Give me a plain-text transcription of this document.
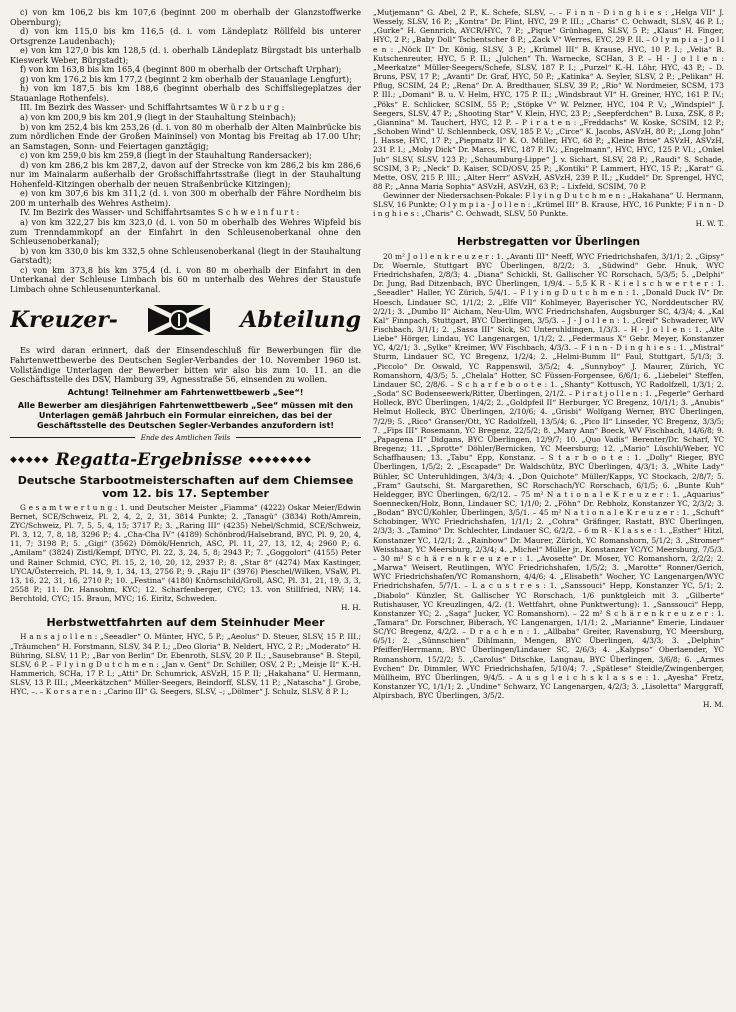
c) von km 106,2 bis km 107,6 (beginnt 200 m oberhalb der Glanzstoffwerke Obernburg);

d) von km 115,0 bis km 116,5 (d. i. vom Ländeplatz Röllfeld bis unterer Ortsgrenze Laudenbach);

e) von km 127,0 bis km 128,5 (d. i. oberhalb Ländeplatz Bürgstadt bis unterhalb Kieswerk Weber, Bürgstadt);

f) von km 163,8 bis km 165,4 (beginnt 800 m oberhalb der Ortschaft Urphar);

g) von km 176,2 bis km 177,2 (beginnt 2 km oberhalb der Stauanlage Lengfurt);

h) von km 187,5 bis km 188,6 (beginnt oberhalb des Schiffsliegeplatzes der Stauanlage Rothenfels).

III. Im Bezirk des Wasser- und Schiffahrtsamtes W ü r z b u r g :

a) von km 200,9 bis km 201,9 (liegt in der Stauhaltung Steinbach);

b) von km 252,4 bis km 253,26 (d. i. von 80 m oberhalb der Alten Mainbrücke bis zum nördlichen Ende der Großen Maininsel) von Montag bis Freitag ab 17.00 Uhr; an Samstagen, Sonn- und Feiertagen ganztägig;

c) von km 259,0 bis km 259,8 (liegt in der Stauhaltung Randersacker);

d) von km 286,2 bis km 287,2, davon auf der Strecke von km 286,2 bis km 286,6 nur im Mainalarm außerhalb der Großschiffahrtsstraße (liegt in der Stauhaltung Hohenfeld-Kitzingen oberhalb der neuen Straßenbrücke Kitzingen);

e) von km 307,6 bis km 311,2 (d. i. von 300 m oberhalb der Fähre Nordheim bis 200 m unterhalb des Wehres Astheim).

IV. Im Bezirk des Wasser- und Schiffahrtsamtes S c h w e i n f u r t :

a) von km 322,27 bis km 323,0 (d. i. von 50 m oberhalb des Wehres Wipfeld bis zum Trenndammkopf an der Einfahrt in den Schleusenoberkanal ohne den Schleusenoberkanal);

b) von km 330,0 bis km 332,5 ohne Schleusenoberkanal (liegt in der Stauhaltung Garstadt);

c) von km 373,8 bis km 375,4 (d. i. von 80 m oberhalb der Einfahrt in den Unterkanal der Schleuse Limbach bis 60 m unterhalb des Wehres der Staustufe Limbach ohne Schleusenunterkanal.

Kreuzer-	Abteilung

Es wird daran erinnert, daß der Einsendeschluß für Bewerbungen für die Fahrtenwettbewerbe des Deutschen Segler-Verbandes der 10. November 1960 ist. Vollständige Unterlagen der Bewerber bitten wir also bis zum 10. 11. an die Geschäftsstelle des DSV, Hamburg 39, Agnesstraße 56, einsenden zu wollen.

Achtung! Teilnehmer am Fahrtenwettbewerb „See“!

Alle Bewerber am diesjährigen Fahrtenwettbewerb „See“ müssen mit den Unterlagen gemäß Jahrbuch ein Formular einreichen, das bei der Geschäftsstelle des Deutschen Segler-Verbandes anzufordern ist!

Ende des Amtlichen Teils
◆◆◆◆◆ Regatta-Ergebnisse ◆◆◆◆◆◆◆◆
Deutsche Starbootmeisterschaften auf dem Chiemsee vom 12. bis 17. September

G e s a m t w e r t u n g : 1. und Deutscher Meister „Fiamma“ (4222) Oskar Meier/Edwin Bernet, SCE/Schweiz, Pl. 2, 4, 2, 2, 31, 3814 Punkte; 2. „Tanagü“ (3834) Roth/Amrein, ZYC/Schweiz, Pl. 7, 5, 5, 4, 15; 3717 P.; 3. „Raring III“ (4235) Nebel/Schmid, SCE/Schweiz, Pl. 3, 12, 7, 8, 18, 3296 P.; 4. „Cha-Cha IV“ (4189) Schönbrod/Halsebrand, BYC, Pl. 9, 20, 4, 11, 7; 3198 P.; 5. „Gigi“ (3562) Dömök/Henrich, ASC, Pl. 11, 27, 13, 12, 4; 2960 P.; 6. „Amilam“ (3824) Zistl/Kempf, DTYC, Pl. 22, 3, 24, 5, 8; 2943 P.; 7. „Goggolori“ (4155) Peter und Rainer Schmid, CYC, Pl. 15, 2, 10, 20, 12, 2937 P.; 8. „Star 8“ (4274) Max Kastinger, UYCA/Österreich, Pl. 14, 9, 1, 34, 13, 2756 P.; 9. „Raju II“ (3976) Pieschel/Wilken, VSaW, Pl. 13, 16, 22, 31, 16, 2710 P.; 10. „Festina“ (4180) Knörnschild/Groll, ASC, Pl. 31, 21, 19, 3, 3, 2558 P.; 11. Dr. Hansohm, KYC; 12. Scharfenberger, CYC; 13. von Stillfried, NRV; 14. Berchtold, CYC; 15. Braun, MYC; 16. Eiritz, Schweden.
H. H.

Herbstwettfahrten auf dem Steinhuder Meer

H a n s a j o l l e n : „Seeadler“ O. Münter, HYC, 5 P.; „Aeolus“ D. Steuer, SLSV, 15 P. III.; „Träumchen“ H. Forstmann, SLSV, 34 P. I.; „Deo Gloria“ B. Neldert, HYC, 2 P.; „Moderato“ H. Bühring, SLSV, 11 P.; „Bar von Berlin“ Dr. Ebenroth, SLSV, 20 P. II.; „Sausebrause“ B. Stepil, SLSV, 6 P. – F l y i n g D u t c h m e n : „Jan v. Gent“ Dr. Schiller, OSV, 2 P.; „Meisje II“ K.-H. Hammerich, SCHa, 17 P. I.; „Atti“ Dr. Schumrick, ASVzH, 15 P. II; „Hakahana“ U. Hermann, SLSV, 13 P. III.; „Meerkätzchen“ Müller-Seegers, Beindorff, SLSV, 11 P.; „Natascha“ J. Grobe, HYC, –. – K o r s a r e n : „Carino III“ G. Seegers, SLSV, –; „Dölmer“ J. Schulz, SLSV, 8 P. I.;

„Mutjemann“ G. Abel, 2 P., K. Schefe, SLSV, –. – F i n n - D i n g h i e s : „Helga VII“ J. Wessely, SLSV, 16 P.; „Kontra“ Dr. Flint, HYC, 29 P. III.; „Charis“ C. Ochwadt, SLSV, 46 P. I.; „Gurke“ H. Gennrich, AYCR/HYC, 7 P.; „Pique“ Grünhagen, SLSV, 5 P.; „Klaus“ H. Finger, HYC, 2 P.; „Baby Doll“ Tschentscher 8 P.; „Zack V“ Werres, EYC, 29 P. II. – O l y m p i a - J o l l e n : „Nöck II“ Dr. König, SLSV, 3 P.; „Krümel III“ B. Krause, HYC, 10 P. I.; „Velia“ B. Kutschenreuter, HYC, 5 P. II.; „Julchen“ Th. Warnecke, SCHan, 3 P. – H - J o l l e n : „Meerkatze“ Müller-Seegers/Schefe, SLSV, 187 P. I.; „Purzel“ K.-H. Löhr, HYC, 43 P.; – D. Bruns, PSV, 17 P.; „Avanti“ Dr. Graf, HYC, 50 P.; „Katinka“ A. Seyler, SLSV, 2 P.; „Pelikan“ H. Pflug, SCSIM, 24 P.; „Rena“ Dr. A. Bredthauer, SLSV, 39 P.; „Rio“ W. Nordmeier, SCSM, 173 P. III.; „Domani“ B. u. V. Helm, HYC, 175 P. II.; „Windsbraut VI“ H. Greiner, HYC, 161 P. IV.; „Pöks“ E. Schlicker, SCSIM, 55 P.; „Stöpke V“ W. Pelzner, HYC, 104 P. V.; „Windspiel“ J. Seegers, SLSV, 47 P.; „Shooting Star“ V. Klein, HYC, 23 P.; „Seepferdchen“ B. Luxa, ZSK, 8 P.; „Giannina“ M. Tauchert, HYC, 12 P. – P i r a t e n : „Freddachs“ W. Koske, SCSIM, 12 P.; „Schoben Wind“ U. Schlennbeck, OSV, 185 P. V.; „Circe“ K. Jacobs, ASVzH, 80 P.; „Long John“ J. Hasse, HYC, 17 P.; „Piepmatz II“ K. O. Müller, HYC, 68 P.; „Kleine Brise“ ASVzH, ASVzH, 231 P. I.; „Moby Dick“ Dr. Marcs, HYC, 187 P. IV.; „Engelmann“, HYC, HYC, 125 P. VI.; „Onkel Jub“ SLSV, SLSV, 123 P.; „Schaumburg-Lippe“ J. v. Sichart, SLSV, 28 P.; „Raudi“ S. Schade, SCSIM, 3 P.; „Neck“ D. Kaiser, SCD/OSV, 25 P.; „Kontiki“ P. Lammert, HYC, 15 P.; „Karat“ G. Mette, OSV, 215 P. III.; „Alter Herr“ ASVzH, ASVzH, 239 P. II.; „Kuddel“ Dr. Sprengel, HYC, 88 P.; „Anna Maria Sophia“ ASVzH, ASVzH, 63 P.; – Lixfeld, SCSIM, 70 P.

Gewinner der Niedersachsen-Pokale: F l y i n g D u t c h m e n : „Hakahana“ U. Hermann, SLSV, 16 Punkte; O l y m p i a - J o l l e n : „Krümel III“ B. Krause, HYC, 16 Punkte; F i n n - D i n g h i e s : „Charis“ C. Ochwadt, SLSV, 50 Punkte.
H. W. T.

Herbstregatten vor Überlingen

20 m² J o l l e n k r e u z e r : 1. „Avanti III“ Neeff, WYC Friedrichshafen, 3/1/1; 2. „Gipsy“ Dr. Woernle, Stuttgart BYC Überlingen, 8/2/2; 3. „Südwind“ Gebr. Hnuk, WYC Friedrichshafen, 2/8/3; 4. „Diana“ Schickli, St. Gallischer YC Rorschach, 5/3/5; 5. „Delphi“ Dr. Jung, Bad Ditzenbach, BYC Überlingen, 1/9/4. – 5,5 K R - K i e l s c h w e r t e r : 1. „Seeadler“ Haller, YC Zürich, 5/4/1. – F l y i n g D u t c h m e n : 1. „Donald Duck IV“ Dr. Hoesch, Lindauer SC, 1/1/2; 2. „Elfe VII“ Kohlmeyer, Bayerischer YC, Norddeutscher RV, 2/2/1; 3. „Dumbo II“ Aicham, Neu-Ulm, WYC Friedrichshafen, Augsburger SC, 4/3/4; 4. „Kal Kal“ Finnpach, Stuttgart, BYC Überlingen, 3/5/3. – J - J o l l e n : 1. „Greif“ Schwaderer, WV Fischbach, 3/1/1; 2. „Sassa III“ Sick, SC Unteruhldingen, 1/3/3. – H - J o l l e n : 1. „Alte Liebe“ Hörger, Lindau, YC Langenargen, 1/1/2; 2. „Federmaus X“ Gebr. Meyer, Konstanzer YC, 4/2/1; 3. „Sylke“ Kreimer, WV Fischbach, 4/3/3. – F i n n - D i n g h i e s : 1. „Mistral“ Sturm, Lindauer SC, YC Bregenz, 1/2/4; 2. „Helmi-Bumm II“ Faul, Stuttgart, 5/1/3; 3. „Piccolo“ Dr. Oswald, YC Rappenswil, 3/5/2; 4. „Sunnyboy“ J. Maurer, Zürich, YC Romanshorn, 4/3/5; 5. „Chelala“ Hotter, SC Füssen-Forgensee, 6/6/1; 6. „Liebelei“ Steffen, Lindauer SC, 2/8/6. – S c h a r f e b o o t e : 1. „Shanty“ Kottusch, YC Radolfzell, 1/3/1; 2. „Soda“ SC Bodenseewerk/Ritter, Überlingen, 2/1/2. – P i r a t j o l l e n : 1. „Fegerle“ Gerhard Holleck, BYC Überlingen, 1/4/2; 2. „Goldpfeil II“ Herburger, YC Bregenz, 10/1/1; 3. „Anubis“ Helmut Holleck, BYC Überlingen, 2/10/6; 4. „Grisbi“ Wolfgang Werner, BYC Überlingen, 7/2/9; 5. „Rico“ Granser/Ott, YC Radolfzell, 13/5/4; 6. „Pico II“ Linseder, YC Bregenz, 3/3/5; 7. „Fips III“ Rosemann, YC Bregenz, 22/5/2; 8. „Mary Ann“ Boeck, WV Fischbach, 14/6/8; 9. „Papagena II“ Didgans, BYC Überlingen, 12/9/7; 10. „Quo Vadis“ Berenter/Dr. Scharf, YC Bregenz; 11. „Sprotte“ Döhler/Bernicken, YC Meersburg; 12. „Mario“ Lüschli/Weber, YC Schaffhausen; 13. „Tabu“ Epp, Konstanz. – S t a r b o o t e : 1. „Dolly“ Rieger, BYC Überlingen, 1/5/2; 2. „Escapade“ Dr. Waldschütz, BYC Überlingen, 4/3/1; 3. „White Lady“ Bühler, SC Unteruhldingen, 3/4/3; 4. „Don Quichote“ Müller/Kapps, YC Stockach, 2/8/7; 5. „Fram“ Gautschi, St. Margarethen, SC Rorschach/YC Rorschach, 6/1/5; 6. „Bunte Kuh“ Heldegger, BYC Überlingen, 6/2/12. – 75 m² N a t i o n a l e K r e u z e r : 1. „Aquarius“ Soennecken/Holz, Bonn, Lindauer SC, 1/1/0; 2. „Föhn“ Dr. Rebholz, Konstanzer YC, 2/3/2; 3. „Bodan“ BYCÜ/Kohler, Überlingen, 3/5/1. – 45 m² N a t i o n a l e K r e u z e r : 1. „Schuft“ Schobinger, WYC Friedrichshafen, 1/1/1; 2. „Cohra“ Gräfinger, Rastatt, BYC Überlingen, 2/3/3; 3. „Tamino“ Dr. Schlechter, Lindauer SC, 6/2/2. – 6 m R - K l a s s e : 1. „Esther“ Hitzl, Konstanzer YC, 1/2/1; 2. „Rainbow“ Dr. Maurer, Zürich, YC Romanshorn, 5/1/2; 3. „Stromer“ Weisshaar, YC Meersburg, 2/3/4; 4. „Michel“ Müller jr., Konstanzer YC/YC Meersburg, 7/5/3. – 30 m² S c h ä r e n k r e u z e r : 1. „Avosette“ Dr. Moser, YC Romanshorn, 2/2/2; 2. „Marwa“ Weisert, Reutlingen, WYC Friedrichshafen, 1/5/2; 3. „Marotte“ Ronner/Gerich, WYC Friedrichshafen/YC Romanshorn, 4/4/6; 4. „Elisabeth“ Wocher, YC Langenargen/WYC Friedrichshafen, 5/7/1. – L a c u s t r e s : 1. „Sanssouci“ Hepp, Konstanzer YC, 5/1; 2. „Diabolo“ Künzler, St. Gallischer YC Rorschach, 1/6 punktgleich mit 3. „Gilberte“ Rutishauser, YC Kreuzlingen, 4/2. (1. Wettfahrt, ohne Punktwertung): 1. „Sanssouci“ Hepp, Konstanzer YC; 2. „Saga“ Jucker, YC Romanshorn). – 22 m² S c h ä r e n k r e u z e r : 1. „Tamara“ Dr. Forschner, Biberach, YC Langenargen, 1/1/1; 2. „Marianne“ Emerie, Lindauer SC/YC Bregenz, 4/2/2. – D r a c h e n : 1. „Allbaba“ Greiter, Ravensburg, YC Meersburg, 6/5/1; 2. „Sünnschien“ Dihlmann, Mengen, BYC Überlingen, 4/3/3; 3. „Delphin“ Pfeiffer/Herrmann, BYC Überlingen/Lindauer SC, 2/6/3; 4. „Kalypso“ Oberlaender, YC Romanshorn, 15/2/2; 5. „Carolus“ Ditschke, Langnau, BYC Überlingen, 3/6/8; 6. „Armes Evchen“ Dr. Dimmler, WYC Friedrichshafen, 5/10/4; 7. „Spätlese“ Steidle/Zwingenberger, Müllheim, BYC Überlingen, 9/4/5. – A u s g l e i c h s k l a s s e : 1. „Ayesha“ Fretz, Konstanzer YC, 1/1/1; 2. „Undine“ Schwarz, YC Langenargen, 4/2/3; 3. „Lisoletta“ Marggraff, Alpirsbach, BYC Überlingen, 3/5/2.
H. M.
